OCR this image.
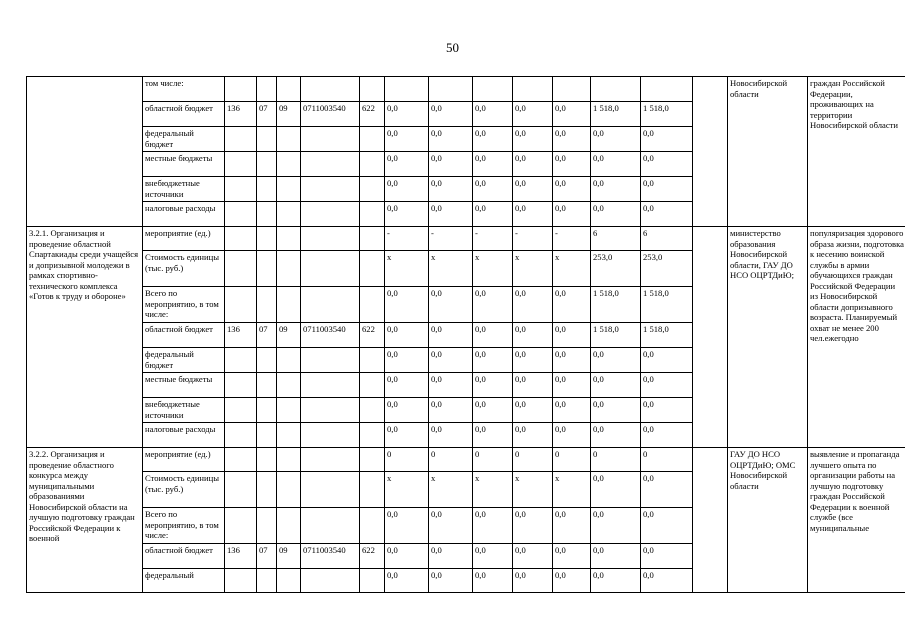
50
	том числе:														Новосибирской области	граждан Российской Федерации, проживающих на территории Новосибирской области
	областной бюджет	136	07	09	0711003540	622	0,0	0,0	0,0	0,0	0,0	1 518,0	1 518,0			
	федеральный бюджет						0,0	0,0	0,0	0,0	0,0	0,0	0,0			
	местные бюджеты						0,0	0,0	0,0	0,0	0,0	0,0	0,0			
	внебюджетные источники						0,0	0,0	0,0	0,0	0,0	0,0	0,0			
	налоговые расходы						0,0	0,0	0,0	0,0	0,0	0,0	0,0			
3.2.1. Организация и проведение областной Спартакиады среди учащейся и допризывной молодежи в рамках спортивно-технического комплекса «Готов к труду и обороне»	мероприятие (ед.)						-	-	-	-	-	6	6		министерство образования Новосибирской области, ГАУ ДО НСО ОЦРТДиЮ;	популяризация здорового образа жизни, подготовка к несению воинской службы в армии обучающихся граждан Российской Федерации из Новосибирской области допризывного возраста. Планируемый охват не менее 200 чел.ежегодно
	Стоимость единицы (тыс. руб.)						х	х	х	х	х	253,0	253,0			
	Всего по мероприятию, в том числе:						0,0	0,0	0,0	0,0	0,0	1 518,0	1 518,0			
	областной бюджет	136	07	09	0711003540	622	0,0	0,0	0,0	0,0	0,0	1 518,0	1 518,0			
	федеральный бюджет						0,0	0,0	0,0	0,0	0,0	0,0	0,0			
	местные бюджеты						0,0	0,0	0,0	0,0	0,0	0,0	0,0			
	внебюджетные источники						0,0	0,0	0,0	0,0	0,0	0,0	0,0			
	налоговые расходы						0,0	0,0	0,0	0,0	0,0	0,0	0,0			
3.2.2. Организация и проведение областного конкурса между муниципальными образованиями Новосибирской области на лучшую подготовку граждан Российской Федерации к военной	мероприятие (ед.)						0	0	0	0	0	0	0		ГАУ ДО НСО ОЦРТДиЮ; ОМС Новосибирской области	выявление и пропаганда лучшего опыта по организации работы на лучшую подготовку граждан Российской Федерации к военной службе (все муниципальные
	Стоимость единицы (тыс. руб.)						х	х	х	х	х	0,0	0,0			
	Всего по мероприятию, в том числе:						0,0	0,0	0,0	0,0	0,0	0,0	0,0			
	областной бюджет	136	07	09	0711003540	622	0,0	0,0	0,0	0,0	0,0	0,0	0,0			
	федеральный						0,0	0,0	0,0	0,0	0,0	0,0	0,0			
